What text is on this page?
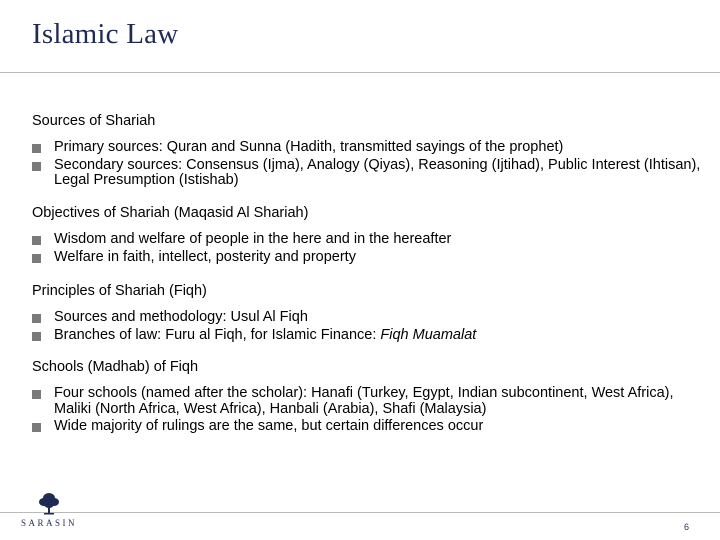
Islamic Law

Sources of Shariah

Primary sources: Quran and Sunna (Hadith, transmitted sayings of the prophet)
Secondary sources: Consensus (Ijma), Analogy (Qiyas), Reasoning (Ijtihad), Public Interest (Ihtisan), Legal Presumption (Istishab)

Objectives of Shariah (Maqasid Al Shariah)

Wisdom and welfare of people in the here and in the hereafter
Welfare in faith, intellect, posterity and property

Principles of Shariah (Fiqh)

Sources and methodology: Usul Al Fiqh
Branches of law: Furu al Fiqh, for Islamic Finance: Fiqh Muamalat

Schools (Madhab) of Fiqh

Four schools (named after the scholar): Hanafi (Turkey, Egypt, Indian subcontinent, West Africa), Maliki (North Africa, West Africa), Hanbali (Arabia), Shafi (Malaysia)
Wide majority of rulings are the same, but certain differences occur
SARASIN	6
